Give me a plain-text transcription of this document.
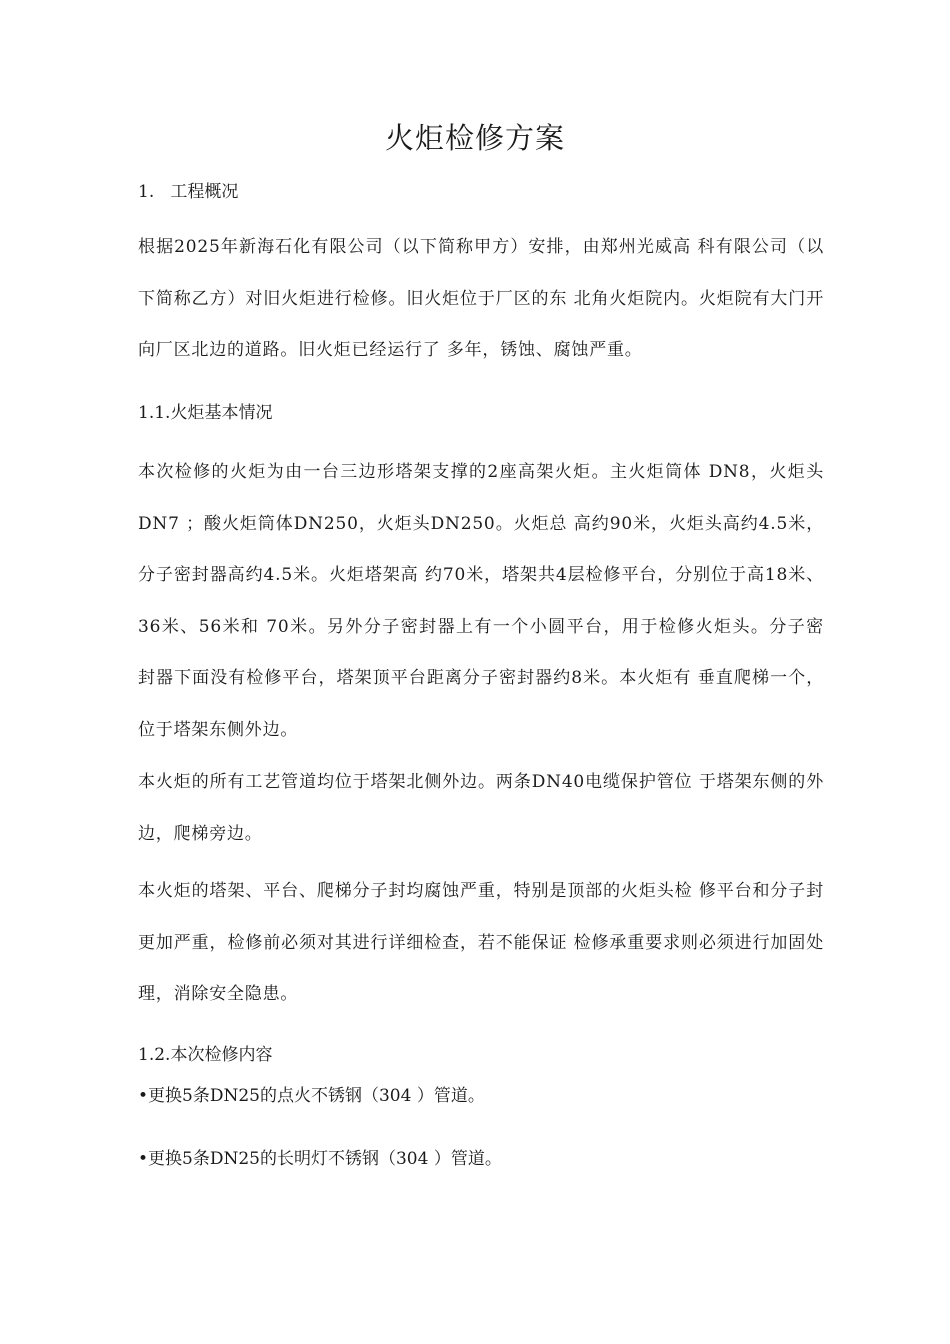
火炬检修方案
1.   工程概况
根据2025年新海石化有限公司（以下简称甲方）安排，由郑州光威高 科有限公司（以下简称乙方）对旧火炬进行检修。旧火炬位于厂区的东 北角火炬院内。火炬院有大门开向厂区北边的道路。旧火炬已经运行了 多年，锈蚀、腐蚀严重。
1.1.火炬基本情况
本次检修的火炬为由一台三边形塔架支撑的2座高架火炬。主火炬筒体 DN8，火炬头DN7 ；酸火炬筒体DN250，火炬头DN250。火炬总 高约90米，火炬头高约4.5米，分子密封器高约4.5米。火炬塔架高 约70米，塔架共4层检修平台，分别位于高18米、36米、56米和 70米。另外分子密封器上有一个小圆平台，用于检修火炬头。分子密 封器下面没有检修平台，塔架顶平台距离分子密封器约8米。本火炬有 垂直爬梯一个，位于塔架东侧外边。
本火炬的所有工艺管道均位于塔架北侧外边。两条DN40电缆保护管位 于塔架东侧的外边，爬梯旁边。
本火炬的塔架、平台、爬梯分子封均腐蚀严重，特别是顶部的火炬头检 修平台和分子封更加严重，检修前必须对其进行详细检查，若不能保证 检修承重要求则必须进行加固处理，消除安全隐患。
1.2.本次检修内容
•更换5条DN25的点火不锈钢（304 ）管道。
•更换5条DN25的长明灯不锈钢（304 ）管道。
